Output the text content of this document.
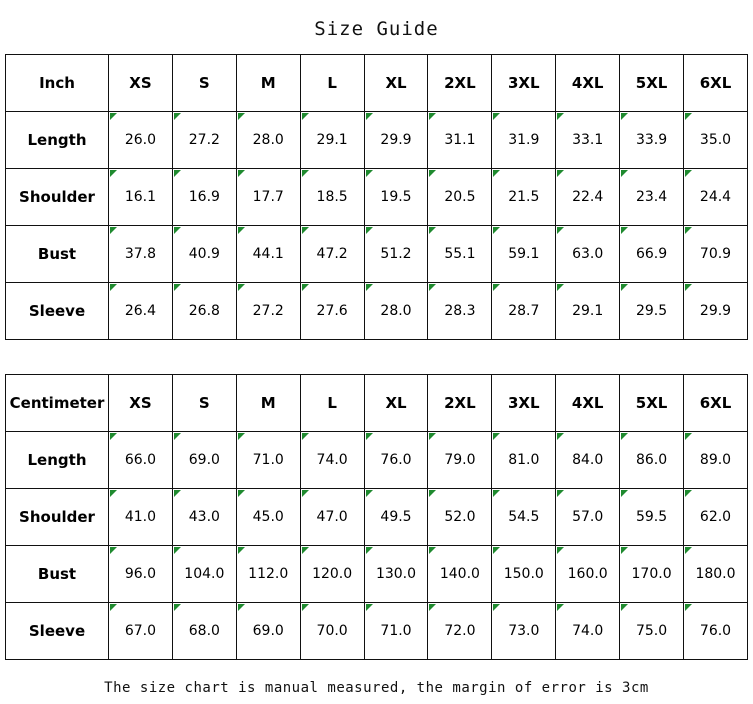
Size Guide
Inch	XS	S	M	L	XL	2XL	3XL	4XL	5XL	6XL
Length	26.0	27.2	28.0	29.1	29.9	31.1	31.9	33.1	33.9	35.0
Shoulder	16.1	16.9	17.7	18.5	19.5	20.5	21.5	22.4	23.4	24.4
Bust	37.8	40.9	44.1	47.2	51.2	55.1	59.1	63.0	66.9	70.9
Sleeve	26.4	26.8	27.2	27.6	28.0	28.3	28.7	29.1	29.5	29.9
Centimeter	XS	S	M	L	XL	2XL	3XL	4XL	5XL	6XL
Length	66.0	69.0	71.0	74.0	76.0	79.0	81.0	84.0	86.0	89.0
Shoulder	41.0	43.0	45.0	47.0	49.5	52.0	54.5	57.0	59.5	62.0
Bust	96.0	104.0	112.0	120.0	130.0	140.0	150.0	160.0	170.0	180.0
Sleeve	67.0	68.0	69.0	70.0	71.0	72.0	73.0	74.0	75.0	76.0
The size chart is manual measured, the margin of error is 3cm
